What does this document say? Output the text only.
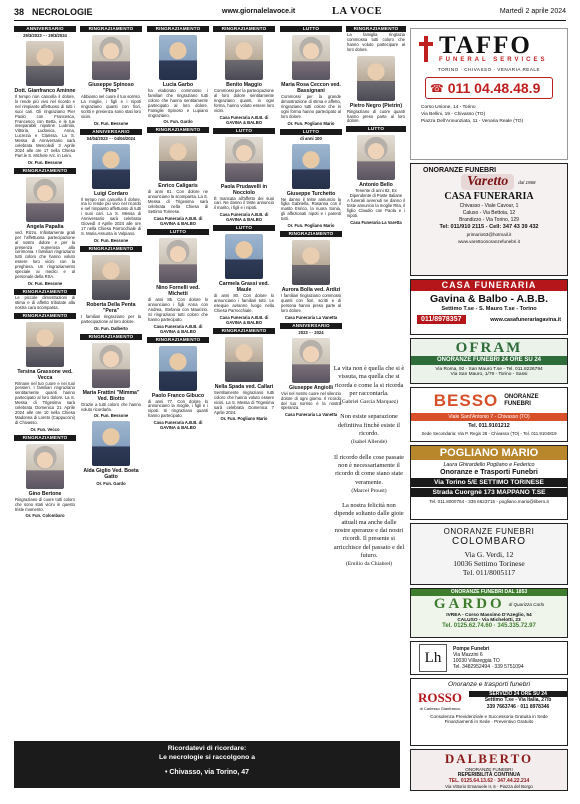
38 NECROLOGIE	www.giornalelavoce.it	LA VOCE	Martedì 2 aprile 2024
ANNIVERSARIO
29/3/2023 ··· 29/3/2024
Dott. Gianfranco Aminne
Il tempo non cancella il dolore, lo rende più vivo nel ricordo e nel rimpianto affettuoso di tutti i suoi cari. Gli ringraziano Pier Paolo con Francesca, Francesco con Betta, e le tue inseparabili nipotine Ludmila, Vittoria, Ludovica, Anna, Lucrezia e Clarissa. La S. Messa di Anniversario sarà celebrata Mercoledì 3 Aprile 2024 alle ore 17 nella Chiesa Parr.le S. Michele Arc. in Leini.
Or. Fun. Bessone
RINGRAZIAMENTO
Angela Papalia
ved. Rizzo. Infinitamente grati per l'affettuosa partecipazione al nostro dolore e per la presenza numerosa alla cerimonia. I familiari ringraziano tutti coloro che hanno voluto essere loro vicini con la preghiera. Un ringraziamento speciale ai medici e al personale della RSA.
Or. Fun. Bessone
RINGRAZIAMENTO
Le piccole dimostrazioni di stima e di affetto tributate alla nostra cara scomparsa.
RINGRAZIAMENTO
Tersina Grassone ved. Vecca
Rimane nel tuo cuore e nei tuoi pensieri. I familiari ringraziano sentitamente quanti hanno partecipato al loro dolore. La S. Messa di Trigesima sarà celebrata Domenica 21 Aprile 2024 alle ore 10 nella Chiesa Madonna di Loreto (Cappuccini) di Chivasso.
Or. Fun. Vecco
RINGRAZIAMENTO
Gino Bertone
Ringraziano di cuore tutti coloro che sono stati vicini in questo triste momento.
Or. Fun. Colombaro
RINGRAZIAMENTO
Giuseppe Spinoso "Pino"
Abbiamo nel cuore il tuo sorriso. La moglie, i figli e i nipoti ringraziano quanti con fiori, scritti e presenza sono stati loro vicini.
Or. Fun. Bessone
ANNIVERSARIO
04/04/2023 ··· 04/04/2024
Luigi Cordaro
Il tempo non cancella il dolore, ma lo rende più vivo nel ricordo e nel rimpianto affettuoso di tutti i suoi cari. La S. Messa di Anniversario sarà celebrata Giovedì 4 Aprile 2024 alle ore 17 nella Chiesa Parrocchiale di S. Maria Assunta in Volpiano.
Or. Fun. Bessone
RINGRAZIAMENTO
Roberta Della Penta "Pera"
I familiari ringraziano per la partecipazione al loro dolore.
Or. Fun. Dalberto
RINGRAZIAMENTO
Maria Frattini "Mimma" Ved. Biotto
Grazie a tutti coloro che hanno voluto ricordarla.
Or. Fun. Bessone
Alda Giglio Ved. Boeta Gatto
Or. Fun. Gardo
RINGRAZIAMENTO
Lucia Garbo
ha elaborato commosso i familiari che ringraziano tutti coloro che hanno sentitamente partecipato al loro dolore. Famiglie Spinoso e Lupiano ringraziano.
Or. Fun. Gardo
RINGRAZIAMENTO
Enrico Caligaris
di anni 81. Con dolore ne annunciano la scomparsa. La S. Messa di Trigesima sarà celebrata nella Chiesa di Settimo Torinese.
Casa Funeraria A.B.B. di GAVINA & BALBO
LUTTO
Nino Fornelli ved. Michetti
di anni 85. Con dolore lo annunciano i figli Anna con Andrea, Stefania con Maurizio. Si ringraziano tutti coloro che hanno partecipato.
Casa Funeraria A.B.B. di GAVINA & BALBO
RINGRAZIAMENTO
Paolo Franco Gibuco
di anni 77. Con dolore lo annunciano la moglie, i figli e i nipoti. Si ringraziano quanti hanno partecipato.
Casa Funeraria A.B.B. di GAVINA & BALBO
RINGRAZIAMENTO
Benito Maggio
Commossi per la partecipazione al loro dolore sentitamente ringraziano quanti, in ogni forma, hanno voluto essere loro vicini.
Casa Funeraria A.B.B. di GAVINA & BALBO
LUTTO
Paola Prudavelli in Nocciolo
È mancata all'affetto dei suoi cari. Ne danno il triste annuncio il marito, i figli e i nipoti.
Casa Funeraria A.B.B. di GAVINA & BALBO
LUTTO
Carmela Grassi ved. Maule
di anni 80. Con dolore lo annunciano i familiari tutti. Le esequie avranno luogo nella Chiesa Parrocchiale.
Casa Funeraria A.B.B. di GAVINA & BALBO
RINGRAZIAMENTO
Nella Spada ved. Callari
Sentitamente ringraziano tutti coloro che hanno voluto essere vicini. La S. Messa di Trigesima sarà celebrata Domenica 7 Aprile 2024.
Or. Fun. Pogliano Mario
LUTTO
Maria Rosa Ceccon ved. Bassignani
Commossi per la grande dimostrazione di stima e affetto, ringraziano tutti coloro che in ogni forma hanno partecipato al loro dolore.
Or. Fun. Pogliano Mario
LUTTO
di anni 100
Giuseppe Turchetto
Ne danno il triste annuncio la figlia Gabriella, Rosanna con il marito Enrico, la nuora Sonia, gli affezionati nipoti e i parenti tutti.
Or. Fun. Pogliano Mario
RINGRAZIAMENTO
Aurora Bolla ved. Ardizi
I familiari ringraziano commossi quanti con fiori, scritti e di persona hanno preso parte al loro dolore.
Casa Funeraria La Vanetta
ANNIVERSARIO
2023 ··· 2024
Giuseppe Angiolli
Vivi nel nostro cuore nel silenzio dolore di ogni giorno. Il ricordo del tuo sorriso è la nostra speranza.
Casa Funeraria La Vanetta
RINGRAZIAMENTO
La famiglia ringrazia commossa tutti coloro che hanno voluto partecipare al loro dolore.
Pietro Negro (Pietrin)
Ringraziano di cuore quanti hanno preso parte al loro dolore.
LUTTO
Antonio Bello
Tenente di anni 82, Ex Dipendente di Poste Italiane
A funerali avvenuti ne danno il triste annuncio la moglie Rita, il figlio Claudio con Paola e i nipoti.
Casa Funeraria La Varetta

La vita non è quella che si è vissuta, ma quella che si ricorda e come la si ricorda per raccontarla.
(Gabriel García Marquez)

Non esiste separazione definitiva finchè esiste il ricordo.
(Isabel Allende)

Il ricordo delle cose passate non è necessariamente il ricordo di come siano state veramente.
(Marcel Proust)

La nostra felicità non dipende soltanto dalle gioie attuali ma anche dalle nostre speranze e dai nostri ricordi. Il presente si arricchisce del passato e del futuro.
(Emilio da Chiabrel)

Ricordatevi di ricordare:
Le necrologie si raccolgono a
• Chivasso, via Torino, 47
TAFFO
FUNERAL SERVICES
TORINO · CHIVASSO · VENARIA REALE
☎ 011 04.48.48.9
Corso Unione, 14 - Torino
Via Bellini, 19 - Chivasso (TO)
Piazza Dell'Annunziata, 11 - Venaria Reale (TO)
ONORANZE FUNEBRI
Varetto	dal 1968
CASA FUNERARIA
Chivasso - Viale Cavour, 1
Caluso - Via Bettoia, 12
Brandizzo - Via Torino, 129
Tel: 011/910 2115 - Cell: 347 43 39 432
primario63@hotmail.it
www.varettoonoranzefunebri.it
CASA FUNERARIA
Gavina & Balbo - A.B.B.
Settimo T.se - S. Mauro T.se - Torino
011/8978357	www.casafunerariagavina.it
OFRAM
ONORANZE FUNEBRI 24 ORE SU 24
Via Roma, 92 - San Mauro T.se - Tel. 011.8226794
Via San Mauro, 1/79 - Torino - Sassi
BESSO ONORANZE FUNEBRI
Viale Sant'Antonio 7 - Chivasso (TO)
Tel. 011.9101212
Sede Secondaria: Via P. Regis 28 - Chivasso (TO) - Tel. 011.9104819
POGLIANO MARIO
Laura Ghirardello Pogliano e Federico
Onoranze e Trasporti Funebri
Via Torino 5/E SETTIMO TORINESE
Strada Cuorgnè 173 MAPPANO T.SE
Tel. 011.8000754 - 335 6623715 - pogliano.mario@libero.it
ONORANZE FUNEBRI
COLOMBARO
Via G. Verdi, 12
10036 Settimo Torinese
Tel. 011/8005117
ONORANZE FUNEBRI DAL 1853
GARDO di Quarizza Carlo
IVREA - Corso Massimo D'Azeglio, 54
CALUSO - Via Michelotti, 23
Tel. 0125.62.74.60 · 345.335.72.97
Lh
Pompe Funebri
Via Mazzini 6
10030 Villareggia TO
Tel. 3482952494 · 339 5751094
Onoranze e trasporti funebri
ROSSO
di Carlesso Gianfranco
SERVIZIO 24 ORE SU 24
Settimo T.se - Via Italia, 27/b
339 7663746 · 011 8978346
Consulenza Previdenziale e Successoria Gratuita in Sede
Finanziamenti in Sede · Preventivo Gratuito
DALBERTO
ONORANZE FUNEBRI
REPERIBILITÀ CONTINUA
TEL. 0125.64.13.62 · 347.44.22.214
Via Vittorio Emanuele II, 6 · Piazza del Borgo
